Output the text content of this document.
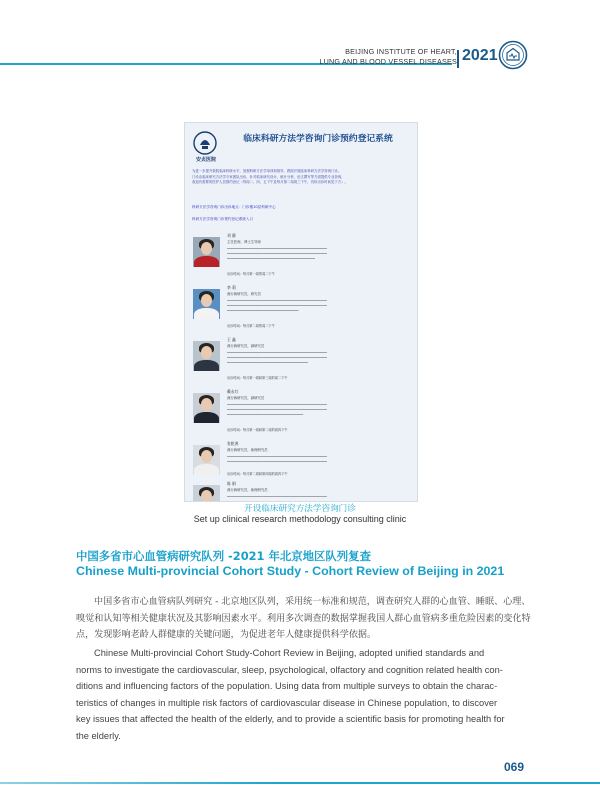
BEIJING INSTITUTE OF HEART,
LUNG AND BLOOD VESSEL DISEASES 2021
安贞医院
临床科研方法学咨询门诊预约登记系统
为进一步提升我院临床科研水平，加强科研方法学培训和指导，我院开展临床科研方法学咨询门诊。
门诊由临床研究方法学专家团队出诊，针对临床研究设计、统计分析、论文撰写等方面提供专业咨询，
欢迎有需要的医护人员预约登记（每周二、四、五下午及每月第二周周三下午，具体出诊时间见下方）。
科研方法学咨询门诊出诊地点：门诊楼10层科研中心
科研方法学咨询门诊预约登记系统入口
刘 静
主任医师，博士生导师
▁▁▁▁▁▁▁▁▁▁▁▁▁▁▁▁▁▁▁▁▁▁▁▁▁▁▁▁▁▁▁▁▁▁▁▁▁▁▁▁▁▁
▁▁▁▁▁▁▁▁▁▁▁▁▁▁▁▁▁▁▁▁▁▁▁▁▁▁▁▁▁▁▁▁▁▁▁▁▁▁▁▁▁▁
▁▁▁▁▁▁▁▁▁▁▁▁▁▁▁▁▁▁▁▁▁▁▁▁▁▁▁▁▁▁▁▁▁▁▁▁▁
出诊时间：每月第一周的周二下午
李 莉
流行病研究员，研究员
▁▁▁▁▁▁▁▁▁▁▁▁▁▁▁▁▁▁▁▁▁▁▁▁▁▁▁▁▁▁▁▁▁▁▁▁▁▁▁▁▁▁
▁▁▁▁▁▁▁▁▁▁▁▁▁▁▁▁▁▁▁▁▁▁▁▁▁▁▁▁▁▁▁▁▁▁▁▁▁▁▁▁▁▁
▁▁▁▁▁▁▁▁▁▁▁▁▁▁▁▁▁▁▁▁▁▁▁▁▁▁▁▁▁▁
出诊时间：每月第二周的周二下午
王 鑫
流行病研究员，副研究员
▁▁▁▁▁▁▁▁▁▁▁▁▁▁▁▁▁▁▁▁▁▁▁▁▁▁▁▁▁▁▁▁▁▁▁▁▁▁▁▁▁▁
▁▁▁▁▁▁▁▁▁▁▁▁▁▁▁▁▁▁▁▁▁▁▁▁▁▁▁▁▁▁▁▁▁▁▁▁▁▁▁▁▁▁
▁▁▁▁▁▁▁▁▁▁▁▁▁▁▁▁▁▁▁▁▁▁▁▁▁▁▁▁▁▁▁▁▁▁
出诊时间：每月第一周和第三周的周二下午
戴永红
流行病研究员，副研究员
▁▁▁▁▁▁▁▁▁▁▁▁▁▁▁▁▁▁▁▁▁▁▁▁▁▁▁▁▁▁▁▁▁▁▁▁▁▁▁▁▁▁
▁▁▁▁▁▁▁▁▁▁▁▁▁▁▁▁▁▁▁▁▁▁▁▁▁▁▁▁▁▁▁▁▁▁▁▁▁▁▁▁▁▁
▁▁▁▁▁▁▁▁▁▁▁▁▁▁▁▁▁▁▁▁▁▁▁▁▁▁▁▁▁▁▁▁
出诊时间：每月第一周和第二周的周四下午
张乾鸿
流行病研究员，助理研究员
▁▁▁▁▁▁▁▁▁▁▁▁▁▁▁▁▁▁▁▁▁▁▁▁▁▁▁▁▁▁▁▁▁▁▁▁▁▁▁▁▁▁
▁▁▁▁▁▁▁▁▁▁▁▁▁▁▁▁▁▁▁▁▁▁▁▁▁▁▁▁▁▁▁▁▁▁▁▁▁▁▁▁▁▁
出诊时间：每月第二周和第四周的周四下午
陈 娟
流行病研究员，助理研究员
▁▁▁▁▁▁▁▁▁▁▁▁▁▁▁▁▁▁▁▁▁▁▁▁▁▁▁▁▁▁▁▁▁▁▁▁▁▁▁▁▁▁
开设临床研究方法学咨询门诊
Set up clinical research methodology consulting clinic
中国多省市心血管病研究队列 -2021 年北京地区队列复查
Chinese Multi-provincial Cohort Study - Cohort Review of Beijing in 2021
中国多省市心血管病队列研究 - 北京地区队列，采用统一标准和规范，调查研究人群的心血管、睡眠、心理、
嗅觉和认知等相关健康状况及其影响因素水平。利用多次调查的数据掌握我国人群心血管病多重危险因素的变化特
点，发现影响老龄人群健康的关键问题，为促进老年人健康提供科学依据。
Chinese Multi-provincial Cohort Study-Cohort Review in Beijing, adopted unified standards and
norms to investigate the cardiovascular, sleep, psychological, olfactory and cognition related health con-
ditions and influencing factors of the population. Using data from multiple surveys to obtain the charac-
teristics of changes in multiple risk factors of cardiovascular disease in Chinese population, to discover
key issues that affected the health of the elderly, and to provide a scientific basis for promoting health for
the elderly.
069
